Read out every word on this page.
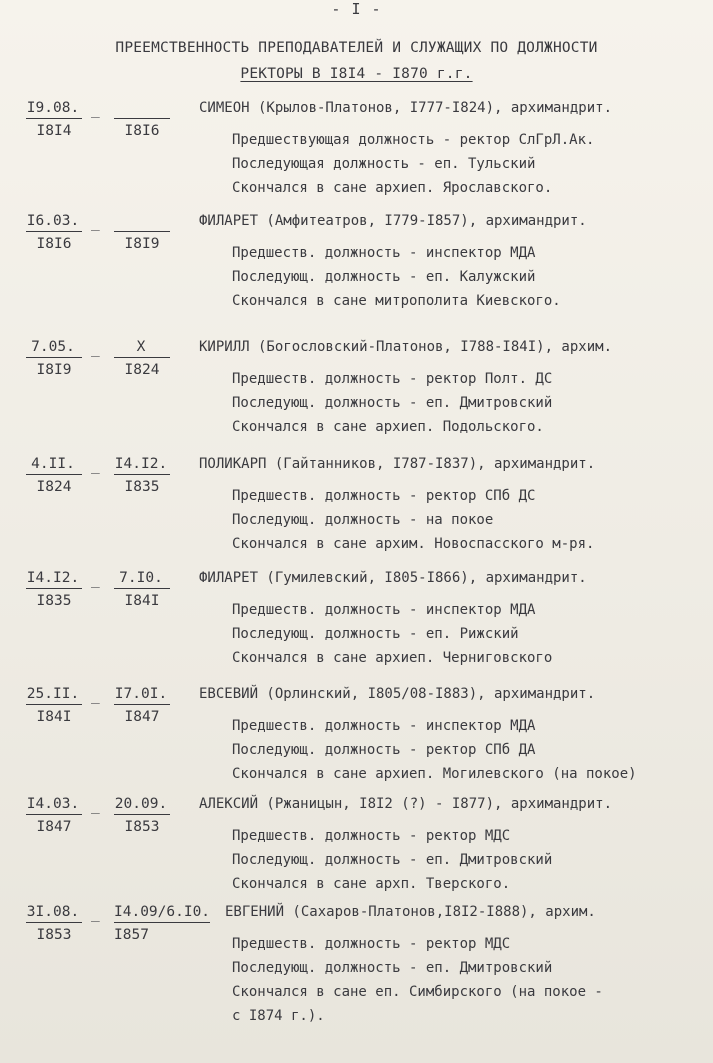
- I -
ПРЕЕМСТВЕННОСТЬ ПРЕПОДАВАТЕЛЕЙ И СЛУЖАЩИХ ПО ДОЛЖНОСТИ
РЕКТОРЫ В I8I4 - I870 г.г.
I9.08.
I8I4
_

I8I6
СИМЕОН (Крылов-Платонов, I777-I824), архимандрит.
Предшествующая должность - ректор СлГрЛ.Ак.
Последующая должность - еп. Тульский
Скончался в сане архиеп. Ярославского.
I6.03.
I8I6
_

I8I9
ФИЛАРЕТ (Амфитеатров, I779-I857), архимандрит.
Предшеств. должность - инспектор МДА
Последующ. должность - еп. Калужский
Скончался в сане митрополита Киевского.
7.05.
I8I9
_	X
I824
КИРИЛЛ (Богословский-Платонов, I788-I84I), архим.
Предшеств. должность - ректор Полт. ДС
Последующ. должность - еп. Дмитровский
Скончался в сане архиеп. Подольского.
4.II.
I824
_ I4.I2.
I835
ПОЛИКАРП (Гайтанников, I787-I837), архимандрит.
Предшеств. должность - ректор СПб ДС
Последующ. должность - на покое
Скончался в сане архим. Новоспасского м-ря.
I4.I2.
I835
_	7.I0.
I84I
ФИЛАРЕТ (Гумилевский, I805-I866), архимандрит.
Предшеств. должность - инспектор МДА
Последующ. должность - еп. Рижский
Скончался в сане архиеп. Черниговского
25.II.
I84I
_ I7.0I.
I847
ЕВСЕВИЙ (Орлинский, I805/08-I883), архимандрит.
Предшеств. должность - инспектор МДА
Последующ. должность - ректор СПб ДА
Скончался в сане архиеп. Могилевского (на покое)
I4.03.
I847
_ 20.09.
I853
АЛЕКСИЙ (Ржаницын, I8I2 (?) - I877), архимандрит.
Предшеств. должность - ректор МДС
Последующ. должность - еп. Дмитровский
Скончался в сане архп. Тверского.
3I.08.
I853
_ I4.09/6.I0.
I857
ЕВГЕНИЙ (Сахаров-Платонов,I8I2-I888), архим.
Предшеств. должность - ректор МДС
Последующ. должность - еп. Дмитровский
Скончался в сане еп. Симбирского (на покое -
с I874 г.).
